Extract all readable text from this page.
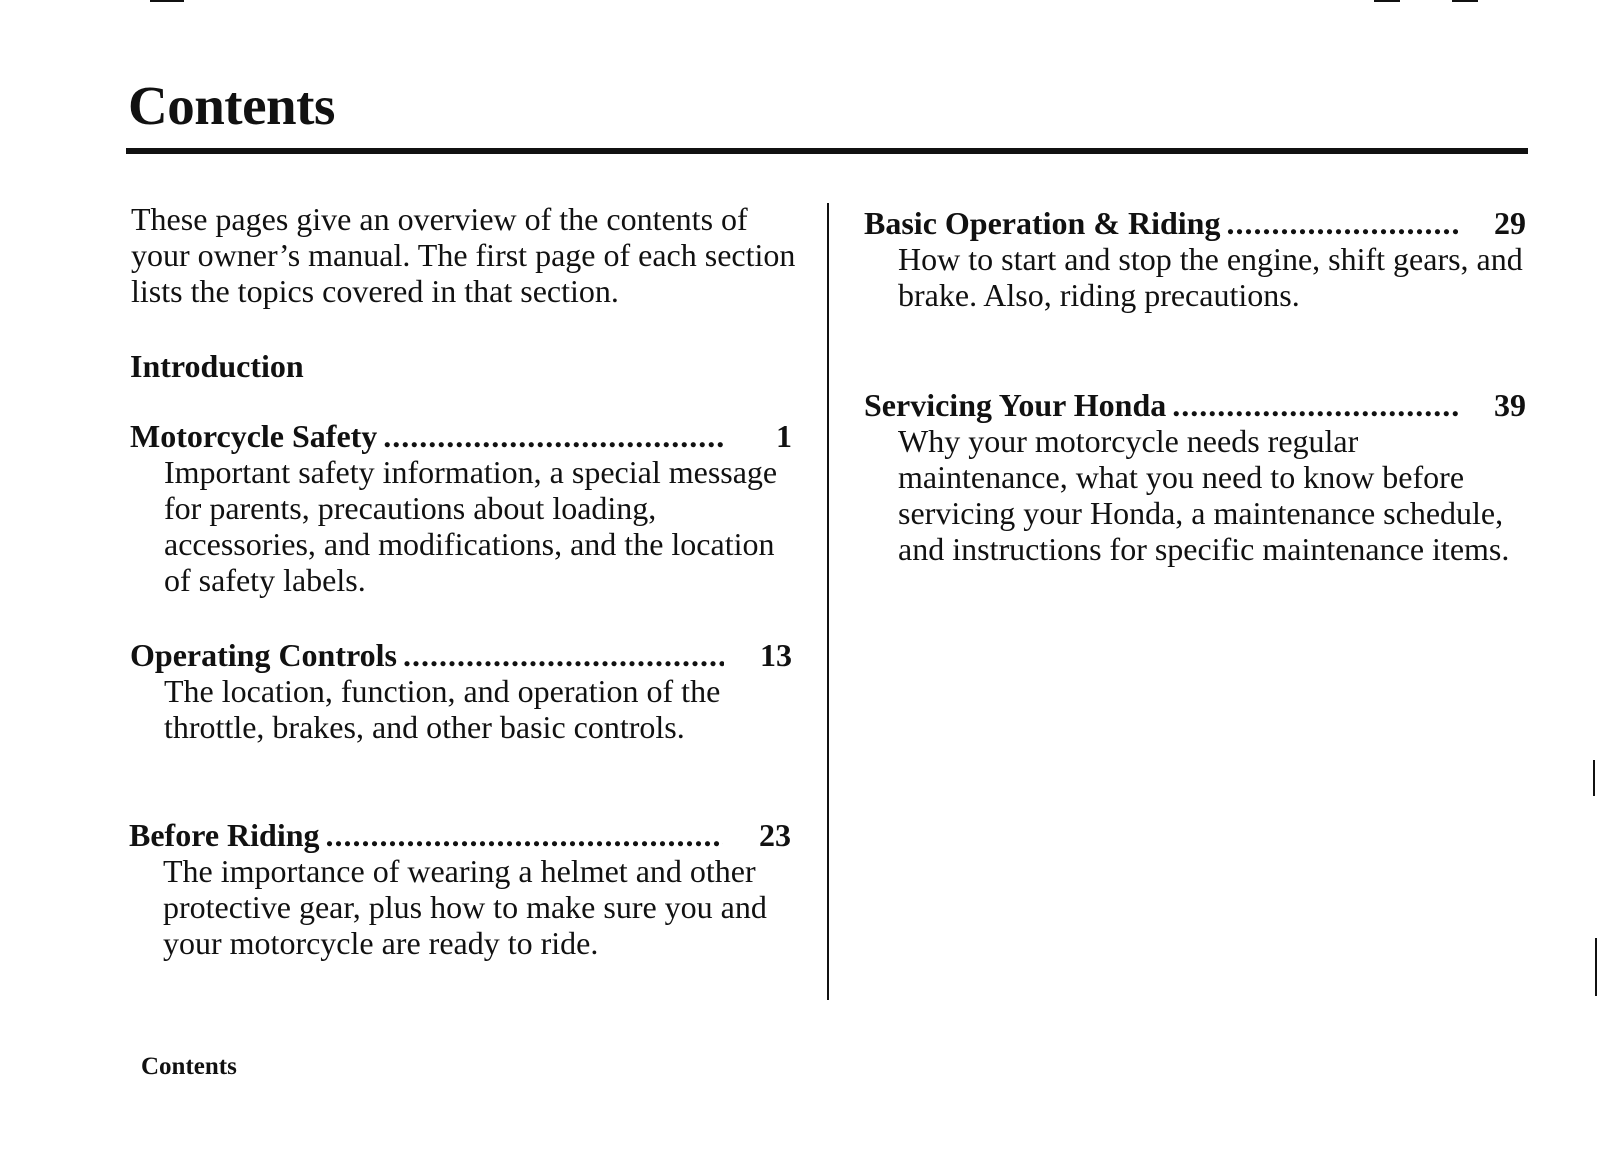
Contents

These pages give an overview of the contents of your owner’s manual. The first page of each section lists the topics covered in that section.

Introduction

Motorcycle Safety .....	1

Important safety information, a special message for parents, precautions about loading, accessories, and modifications, and the location of safety labels.

Operating Controls .....	13

The location, function, and operation of the throttle, brakes, and other basic controls.

Before Riding .....	23

The importance of wearing a helmet and other protective gear, plus how to make sure you and your motorcycle are ready to ride.

Basic Operation & Riding .....	29

How to start and stop the engine, shift gears, and brake. Also, riding precautions.

Servicing Your Honda .....	39

Why your motorcycle needs regular maintenance, what you need to know before servicing your Honda, a maintenance schedule, and instructions for specific maintenance items.

Contents
